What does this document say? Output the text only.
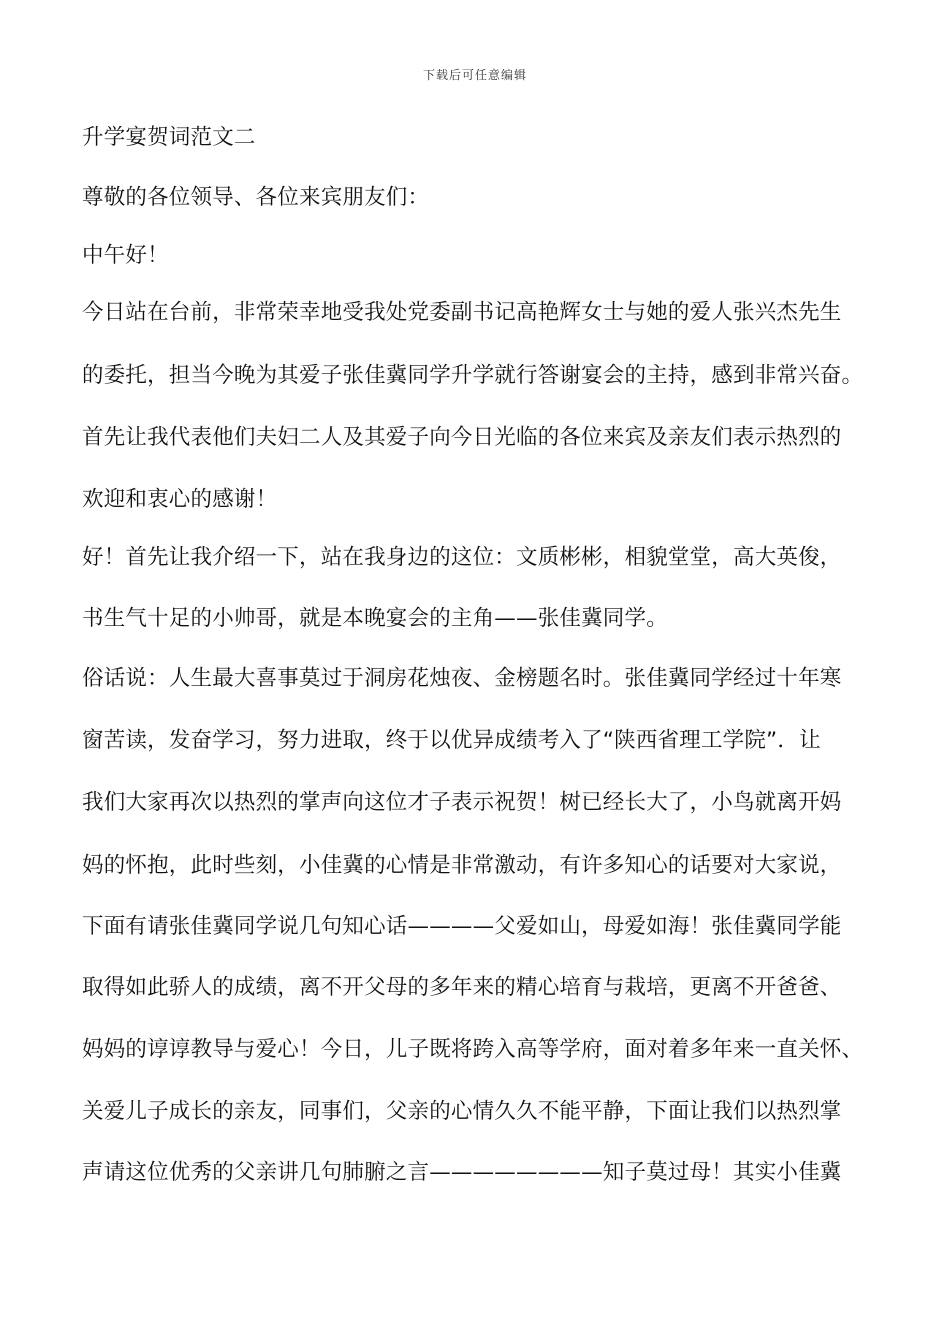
下载后可任意编辑
升学宴贺词范文二
尊敬的各位领导、各位来宾朋友们：
中午好！
今日站在台前，非常荣幸地受我处党委副书记高艳辉女士与她的爱人张兴杰先生
的委托，担当今晚为其爱子张佳冀同学升学就行答谢宴会的主持，感到非常兴奋。
首先让我代表他们夫妇二人及其爱子向今日光临的各位来宾及亲友们表示热烈的
欢迎和衷心的感谢！
好！首先让我介绍一下，站在我身边的这位：文质彬彬，相貌堂堂，高大英俊，
书生气十足的小帅哥，就是本晚宴会的主角——张佳冀同学。
俗话说：人生最大喜事莫过于洞房花烛夜、金榜题名时。张佳冀同学经过十年寒
窗苦读，发奋学习，努力进取，终于以优异成绩考入了“陕西省理工学院”．让
我们大家再次以热烈的掌声向这位才子表示祝贺！树已经长大了，小鸟就离开妈
妈的怀抱，此时些刻，小佳冀的心情是非常激动，有许多知心的话要对大家说，
下面有请张佳冀同学说几句知心话————父爱如山，母爱如海！张佳冀同学能
取得如此骄人的成绩，离不开父母的多年来的精心培育与栽培，更离不开爸爸、
妈妈的谆谆教导与爱心！今日，儿子既将跨入高等学府，面对着多年来一直关怀、
关爱儿子成长的亲友，同事们，父亲的心情久久不能平静，下面让我们以热烈掌
声请这位优秀的父亲讲几句肺腑之言————————知子莫过母！其实小佳冀
